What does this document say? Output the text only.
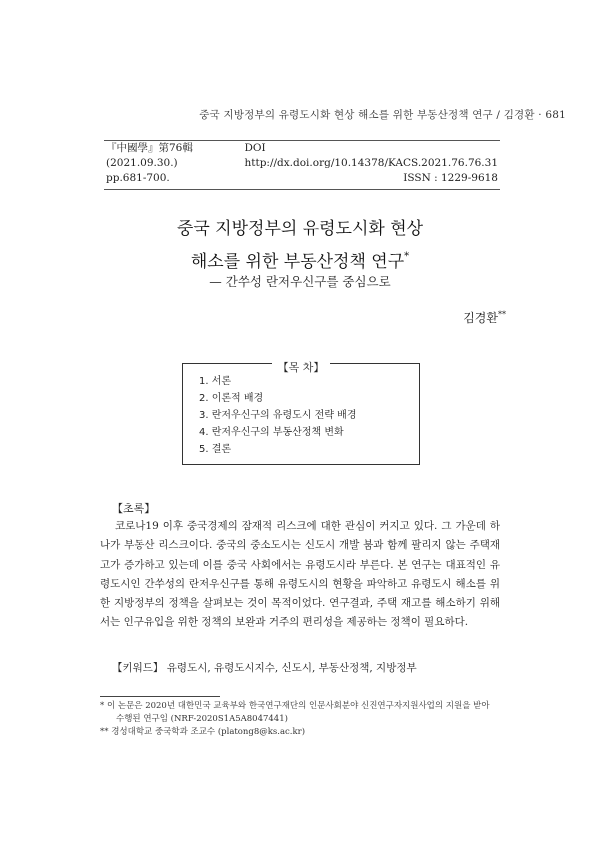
중국 지방정부의 유령도시화 현상 해소를 위한 부동산정책 연구 / 김경환 · 681
『中國學』第76輯 (2021.09.30.)
DOI http://dx.doi.org/10.14378/KACS.2021.76.76.31
pp.681-700.	ISSN : 1229-9618
중국 지방정부의 유령도시화 현상
해소를 위한 부동산정책 연구*
— 간쑤성 란저우신구를 중심으로
김경환**
【목 차】
1. 서론
2. 이론적 배경
3. 란저우신구의 유령도시 전략 배경
4. 란저우신구의 부동산정책 변화
5. 결론
【초록】

코로나19 이후 중국경제의 잠재적 리스크에 대한 관심이 커지고 있다. 그 가운데 하나가 부동산 리스크이다. 중국의 중소도시는 신도시 개발 붐과 함께 팔리지 않는 주택재고가 증가하고 있는데 이를 중국 사회에서는 유령도시라 부른다. 본 연구는 대표적인 유령도시인 간쑤성의 란저우신구를 통해 유령도시의 현황을 파악하고 유령도시 해소를 위한 지방정부의 정책을 살펴보는 것이 목적이었다. 연구결과, 주택 재고를 해소하기 위해서는 인구유입을 위한 정책의 보완과 거주의 편리성을 제공하는 정책이 필요하다.

【키워드】 유령도시, 유령도시지수, 신도시, 부동산정책, 지방정부

* 이 논문은 2020년 대한민국 교육부와 한국연구재단의 인문사회분야 신진연구자지원사업의 지원을 받아 수행된 연구임 (NRF-2020S1A5A8047441)

** 경성대학교 중국학과 조교수 (platong8@ks.ac.kr)
